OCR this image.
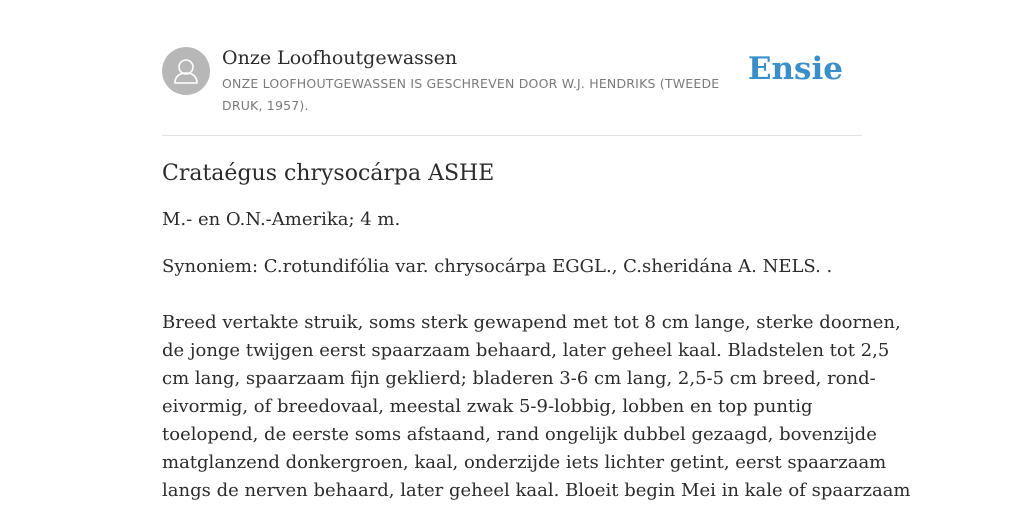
Onze Loofhoutgewassen
ONZE LOOFHOUTGEWASSEN IS GESCHREVEN DOOR W.J. HENDRIKS (TWEEDE DRUK, 1957).
Ensie
Crataégus chrysocárpa ASHE

M.- en O.N.-Amerika; 4 m.

Synoniem: C.rotundifólia var. chrysocárpa EGGL., C.sheridána A. NELS. .

Breed vertakte struik, soms sterk gewapend met tot 8 cm lange, sterke doornen,
de jonge twijgen eerst spaarzaam behaard, later geheel kaal. Bladstelen tot 2,5
cm lang, spaarzaam fijn geklierd; bladeren 3-6 cm lang, 2,5-5 cm breed, rond-
eivormig, of breedovaal, meestal zwak 5-9-lobbig, lobben en top puntig
toelopend, de eerste soms afstaand, rand ongelijk dubbel gezaagd, bovenzijde
matglanzend donkergroen, kaal, onderzijde iets lichter getint, eerst spaarzaam
langs de nerven behaard, later geheel kaal. Bloeit begin Mei in kale of spaarzaam
